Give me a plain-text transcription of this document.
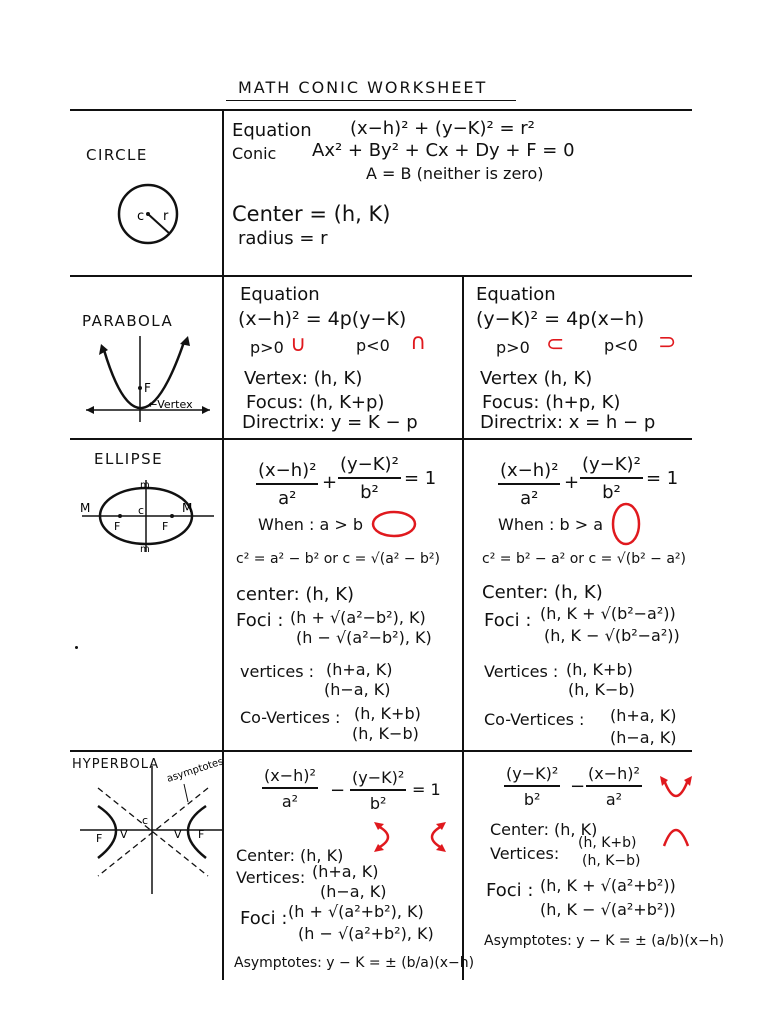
MATH CONIC WORKSHEET
CIRCLE
c r
Equation (x−h)² + (y−K)² = r²
Conic Ax² + By² + Cx + Dy + F = 0
A = B (neither is zero)
Center = (h, K)
radius = r
PARABOLA
F
←Vertex
Equation
(x−h)² = 4p(y−K)
p>0 ∪	p<0 ∩
Vertex: (h, K)
Focus: (h, K+p)
Directrix: y = K − p
Equation
(y−K)² = 4p(x−h)
p>0 ⊂ p<0 ⊃
Vertex (h, K)
Focus: (h+p, K)
Directrix: x = h − p
ELLIPSE
M	M
m
m
c
F	F
$\frac{\text{(x−h)²}}{\text{a²}} + \frac{\text{(y−K)²}}{\text{b²}} = 1$
When : a > b
c² = a² − b² or c = √(a² − b²)
center: (h, K)
Foci : (h + √(a²−b²), K)
(h − √(a²−b²), K)
vertices : (h+a, K)
(h−a, K)
Co-Vertices : (h, K+b)
(h, K−b)
$\frac{\text{(x−h)²}}{\text{a²}} + \frac{\text{(y−K)²}}{\text{b²}} = 1$
When : b > a
c² = b² − a² or c = √(b² − a²)
Center: (h, K)
Foci : (h, K + √(b²−a²))
(h, K − √(b²−a²))
Vertices : (h, K+b)
(h, K−b)
Co-Vertices : (h+a, K)
(h−a, K)
HYPERBOLA asymptotes
c
F	F
V	V
$\frac{\text{(x−h)²}}{\text{a²}} - \frac{\text{(y−K)²}}{\text{b²}} = 1$
Center: (h, K)
Vertices: (h+a, K)
(h−a, K)
Foci : (h + √(a²+b²), K)
(h − √(a²+b²), K)
Asymptotes: y − K = ± (b/a)(x−h)
$\frac{\text{(y−K)²}}{\text{b²}} - \frac{\text{(x−h)²}}{\text{a²}}$
Center: (h, K)
Vertices:
(h, K+b)
(h, K−b)
Foci : (h, K + √(a²+b²))
(h, K − √(a²+b²))
Asymptotes: y − K = ± (a/b)(x−h)
